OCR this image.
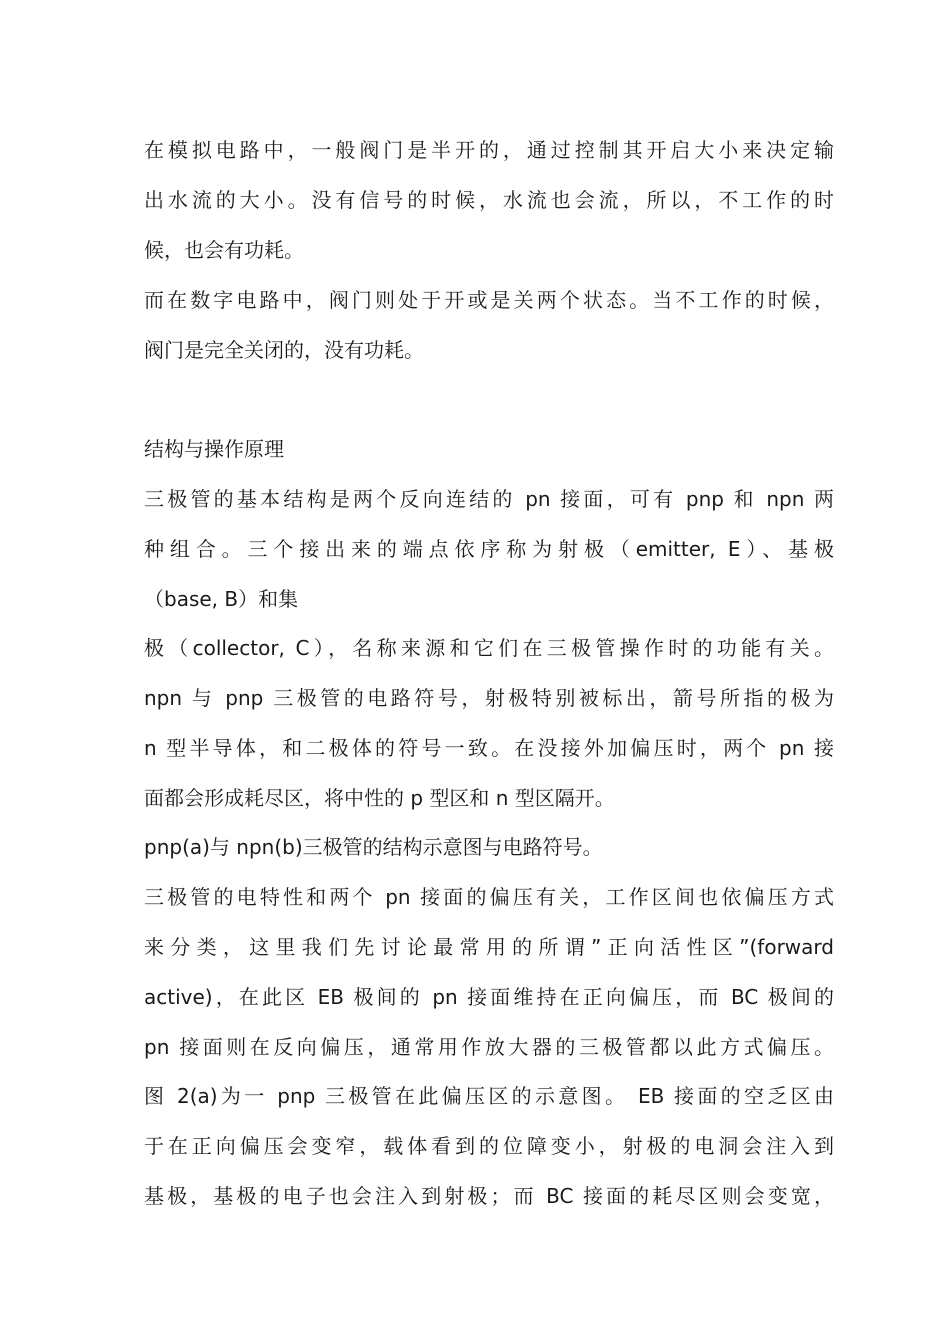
在模拟电路中，一般阀门是半开的，通过控制其开启大小来决定输
出水流的大小。没有信号的时候，水流也会流，所以，不工作的时
候，也会有功耗。
而在数字电路中，阀门则处于开或是关两个状态。当不工作的时候，
阀门是完全关闭的，没有功耗。
结构与操作原理
三极管的基本结构是两个反向连结的 pn 接面，可有 pnp 和 npn 两
种组合。三个接出来的端点依序称为射极（emitter, E）、基极
（base, B）和集
极（collector, C），名称来源和它们在三极管操作时的功能有关。
npn 与 pnp 三极管的电路符号，射极特别被标出，箭号所指的极为
n 型半导体，和二极体的符号一致。在没接外加偏压时，两个 pn 接
面都会形成耗尽区，将中性的 p 型区和 n 型区隔开。
pnp(a)与 npn(b)三极管的结构示意图与电路符号。
三极管的电特性和两个 pn 接面的偏压有关，工作区间也依偏压方式
来分类，这里我们先讨论最常用的所谓”正向活性区”(forward
active)，在此区 EB 极间的 pn 接面维持在正向偏压，而 BC 极间的
pn 接面则在反向偏压，通常用作放大器的三极管都以此方式偏压。
图 2(a)为一 pnp 三极管在此偏压区的示意图。 EB 接面的空乏区由
于在正向偏压会变窄，载体看到的位障变小，射极的电洞会注入到
基极，基极的电子也会注入到射极；而 BC 接面的耗尽区则会变宽，
